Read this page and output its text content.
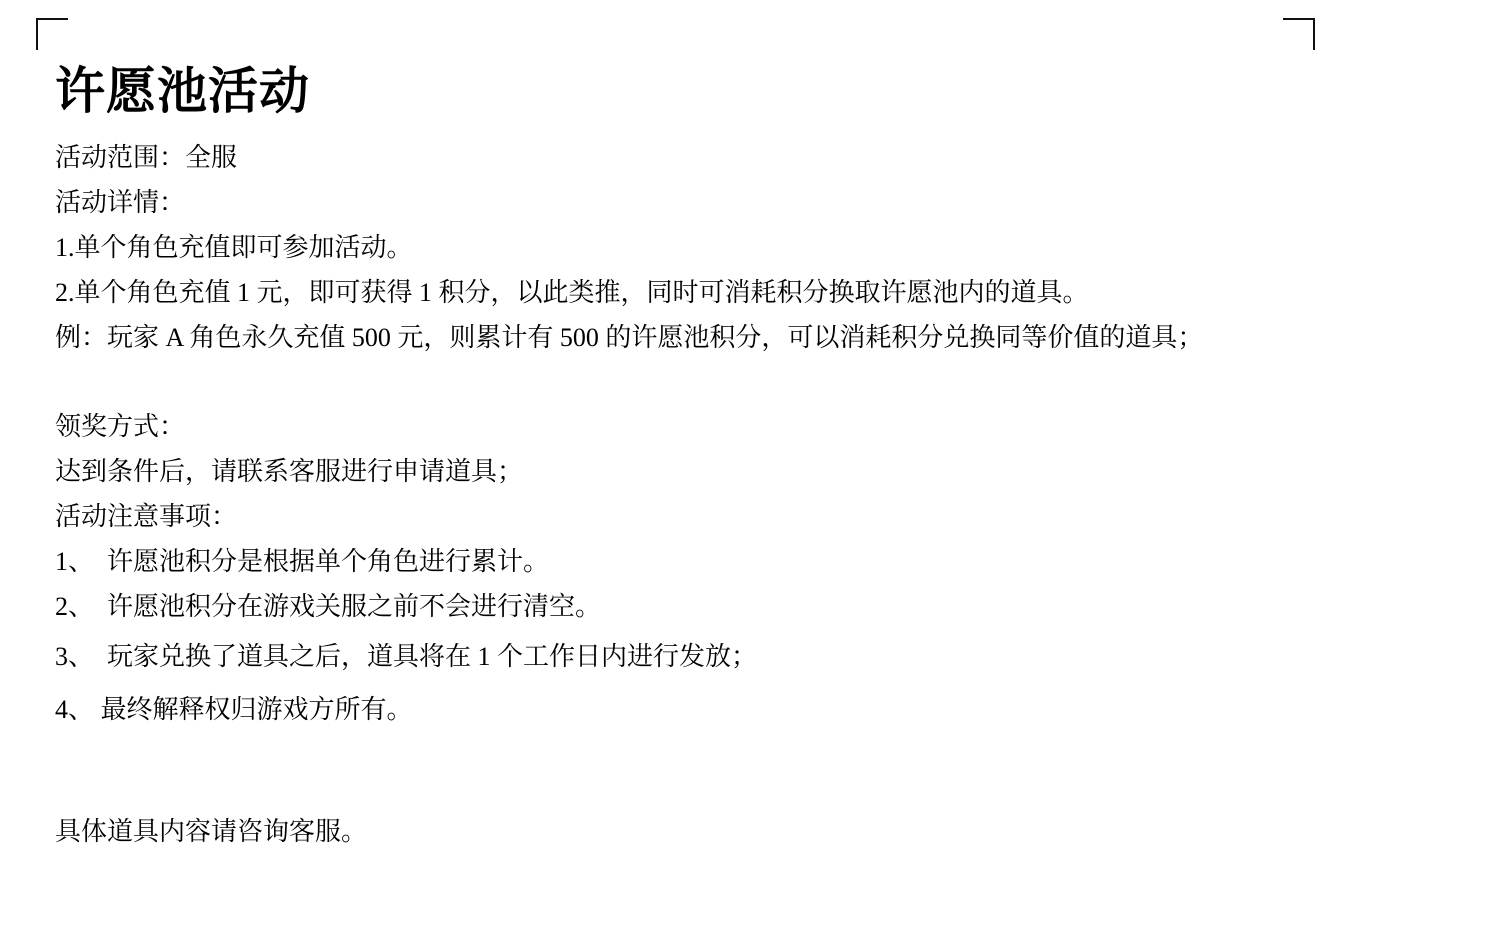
许愿池活动

活动范围：全服

活动详情：

1.单个角色充值即可参加活动。

2.单个角色充值 1 元，即可获得 1 积分，以此类推，同时可消耗积分换取许愿池内的道具。

例：玩家 A 角色永久充值 500 元，则累计有 500 的许愿池积分，可以消耗积分兑换同等价值的道具；

领奖方式：

达到条件后，请联系客服进行申请道具；

活动注意事项：

1、  许愿池积分是根据单个角色进行累计。

2、  许愿池积分在游戏关服之前不会进行清空。

3、  玩家兑换了道具之后，道具将在 1 个工作日内进行发放；

4、 最终解释权归游戏方所有。

具体道具内容请咨询客服。
